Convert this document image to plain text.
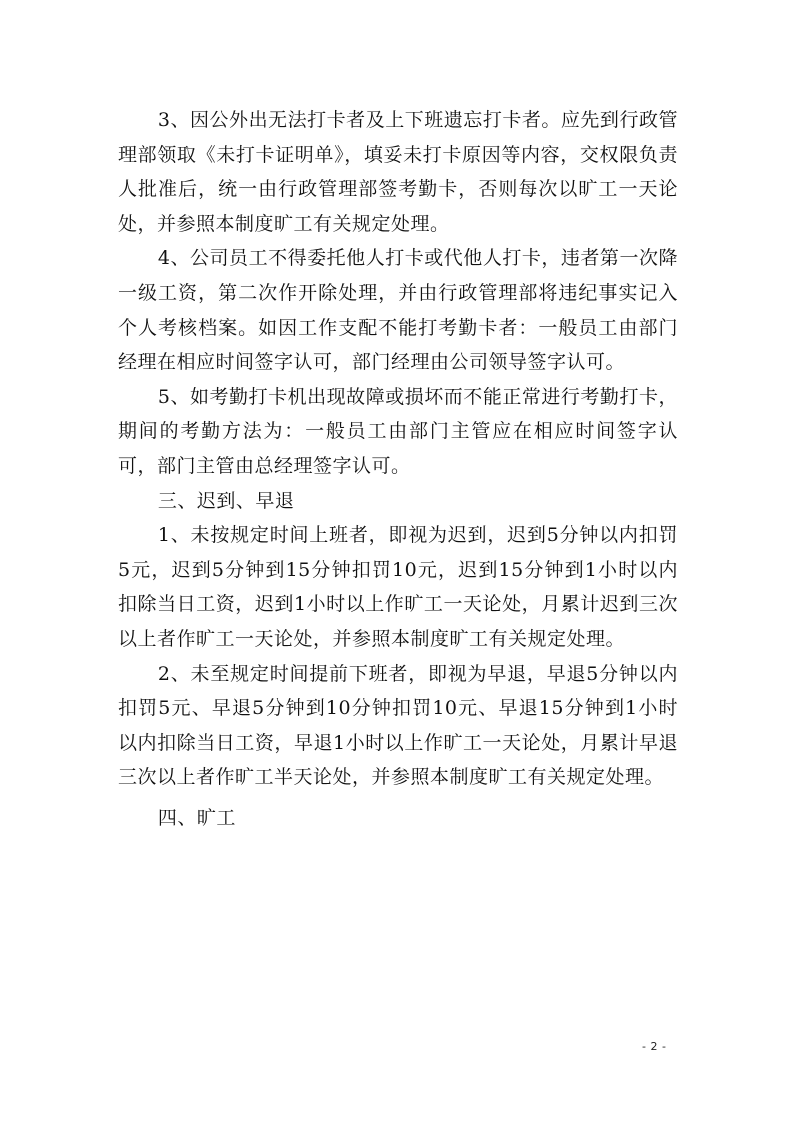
3、因公外出无法打卡者及上下班遗忘打卡者。应先到行政管理部领取《未打卡证明单》，填妥未打卡原因等内容，交权限负责人批准后，统一由行政管理部签考勤卡，否则每次以旷工一天论处，并参照本制度旷工有关规定处理。

4、公司员工不得委托他人打卡或代他人打卡，违者第一次降一级工资，第二次作开除处理，并由行政管理部将违纪事实记入个人考核档案。如因工作支配不能打考勤卡者：一般员工由部门经理在相应时间签字认可，部门经理由公司领导签字认可。

5、如考勤打卡机出现故障或损坏而不能正常进行考勤打卡，期间的考勤方法为：一般员工由部门主管应在相应时间签字认可，部门主管由总经理签字认可。

三、迟到、早退

1、未按规定时间上班者，即视为迟到，迟到5分钟以内扣罚5元，迟到5分钟到15分钟扣罚10元，迟到15分钟到1小时以内扣除当日工资，迟到1小时以上作旷工一天论处，月累计迟到三次以上者作旷工一天论处，并参照本制度旷工有关规定处理。

2、未至规定时间提前下班者，即视为早退，早退5分钟以内扣罚5元、早退5分钟到10分钟扣罚10元、早退15分钟到1小时以内扣除当日工资，早退1小时以上作旷工一天论处，月累计早退三次以上者作旷工半天论处，并参照本制度旷工有关规定处理。

四、旷工

- 2 -
